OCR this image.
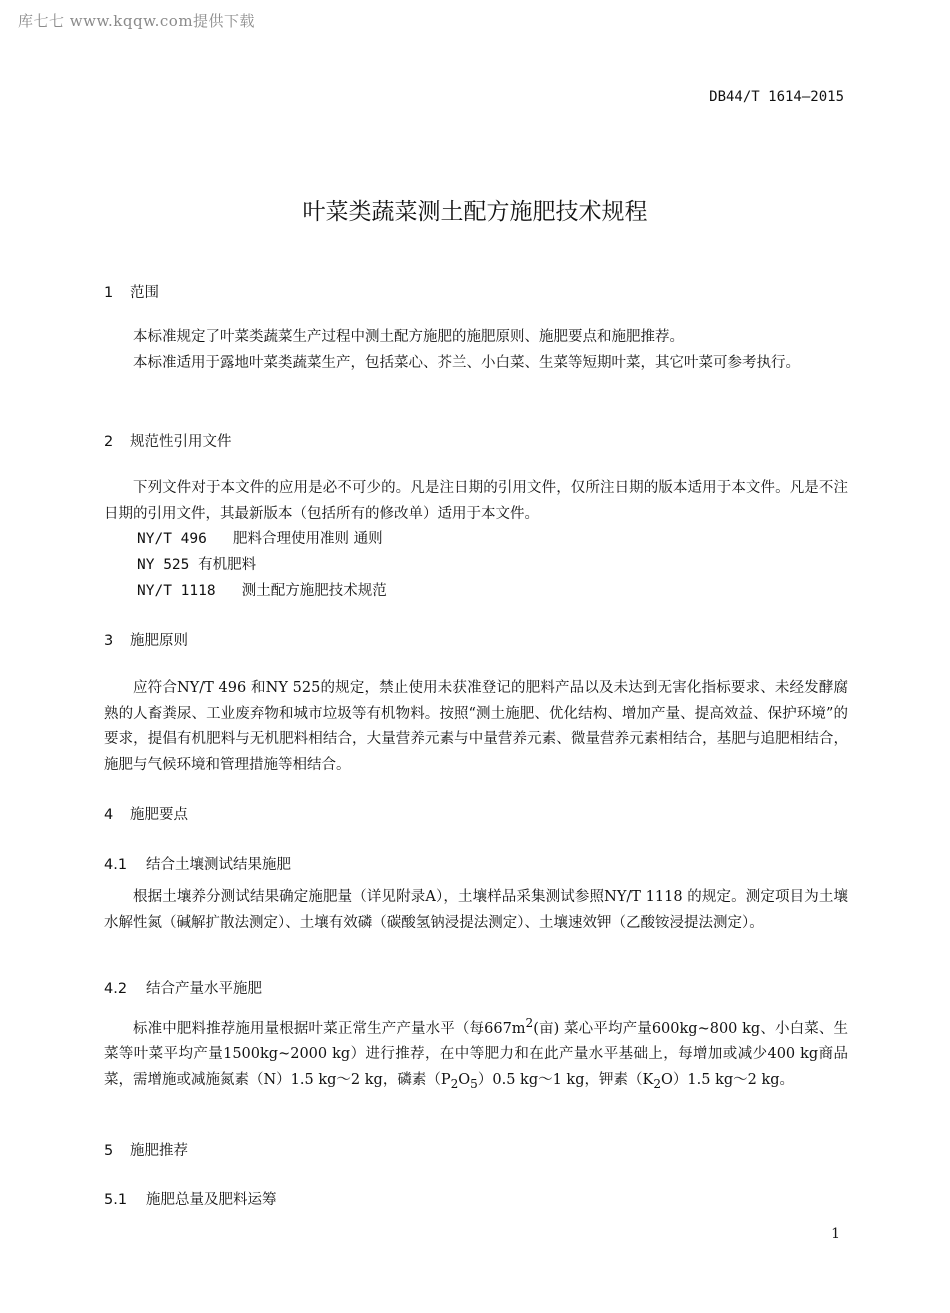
库七七 www.kqqw.com提供下载
DB44/T 1614—2015
叶菜类蔬菜测土配方施肥技术规程
1 范围
本标准规定了叶菜类蔬菜生产过程中测土配方施肥的施肥原则、施肥要点和施肥推荐。
本标准适用于露地叶菜类蔬菜生产，包括菜心、芥兰、小白菜、生菜等短期叶菜，其它叶菜可参考执行。
2 规范性引用文件
下列文件对于本文件的应用是必不可少的。凡是注日期的引用文件，仅所注日期的版本适用于本文件。凡是不注日期的引用文件，其最新版本（包括所有的修改单）适用于本文件。
NY/T 496 肥料合理使用准则 通则
NY 525 有机肥料
NY/T 1118 测土配方施肥技术规范
3 施肥原则
应符合NY/T 496 和NY 525的规定，禁止使用未获准登记的肥料产品以及未达到无害化指标要求、未经发酵腐熟的人畜粪尿、工业废弃物和城市垃圾等有机物料。按照“测土施肥、优化结构、增加产量、提高效益、保护环境”的要求，提倡有机肥料与无机肥料相结合，大量营养元素与中量营养元素、微量营养元素相结合，基肥与追肥相结合，施肥与气候环境和管理措施等相结合。
4 施肥要点
4.1 结合土壤测试结果施肥
根据土壤养分测试结果确定施肥量（详见附录A），土壤样品采集测试参照NY/T 1118 的规定。测定项目为土壤水解性氮（碱解扩散法测定）、土壤有效磷（碳酸氢钠浸提法测定）、土壤速效钾（乙酸铵浸提法测定）。
4.2 结合产量水平施肥
标准中肥料推荐施用量根据叶菜正常生产产量水平（每$667m^2$(亩) 菜心平均产量600kg~800 kg、小白菜、生菜等叶菜平均产量1500kg~2000 kg）进行推荐，在中等肥力和在此产量水平基础上，每增加或减少400 kg商品菜，需增施或减施氮素（N）1.5 kg～2 kg，磷素$(P_2O_5)0.5$ kg～1 kg，钾素$(K_2O)1.5$ kg～2 kg。
5 施肥推荐
5.1 施肥总量及肥料运筹
1
